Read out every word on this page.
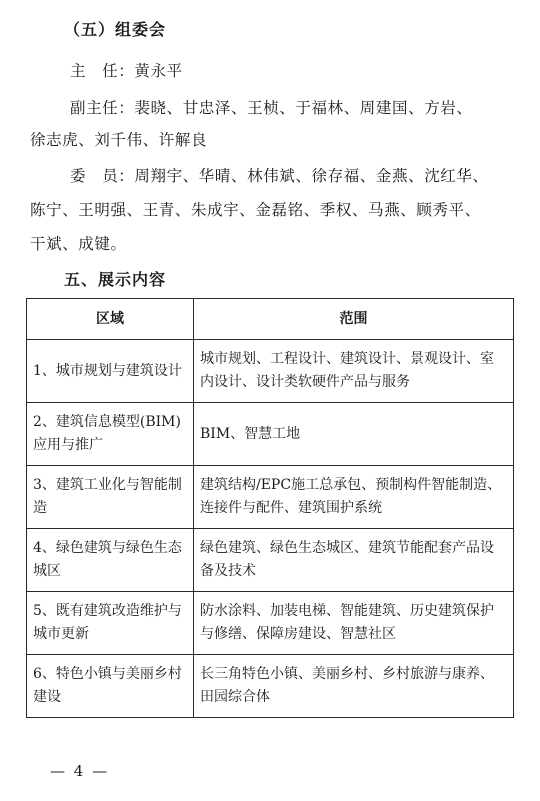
（五）组委会
主　任：黄永平
副主任：裴晓、甘忠泽、王桢、于福林、周建国、方岩、
徐志虎、刘千伟、许解良
委　员：周翔宇、华晴、林伟斌、徐存福、金燕、沈红华、
陈宁、王明强、王青、朱成宇、金磊铭、季权、马燕、顾秀平、
干斌、成键。
五、展示内容
区域	范围
1、城市规划与建筑设计	城市规划、工程设计、建筑设计、景观设计、室内设计、设计类软硬件产品与服务
2、建筑信息模型(BIM)应用与推广	BIM、智慧工地
3、建筑工业化与智能制造	建筑结构/EPC施工总承包、预制构件智能制造、连接件与配件、建筑围护系统
4、绿色建筑与绿色生态城区	绿色建筑、绿色生态城区、建筑节能配套产品设备及技术
5、既有建筑改造维护与城市更新	防水涂料、加装电梯、智能建筑、历史建筑保护与修缮、保障房建设、智慧社区
6、特色小镇与美丽乡村建设	长三角特色小镇、美丽乡村、乡村旅游与康养、田园综合体
— 4 —
